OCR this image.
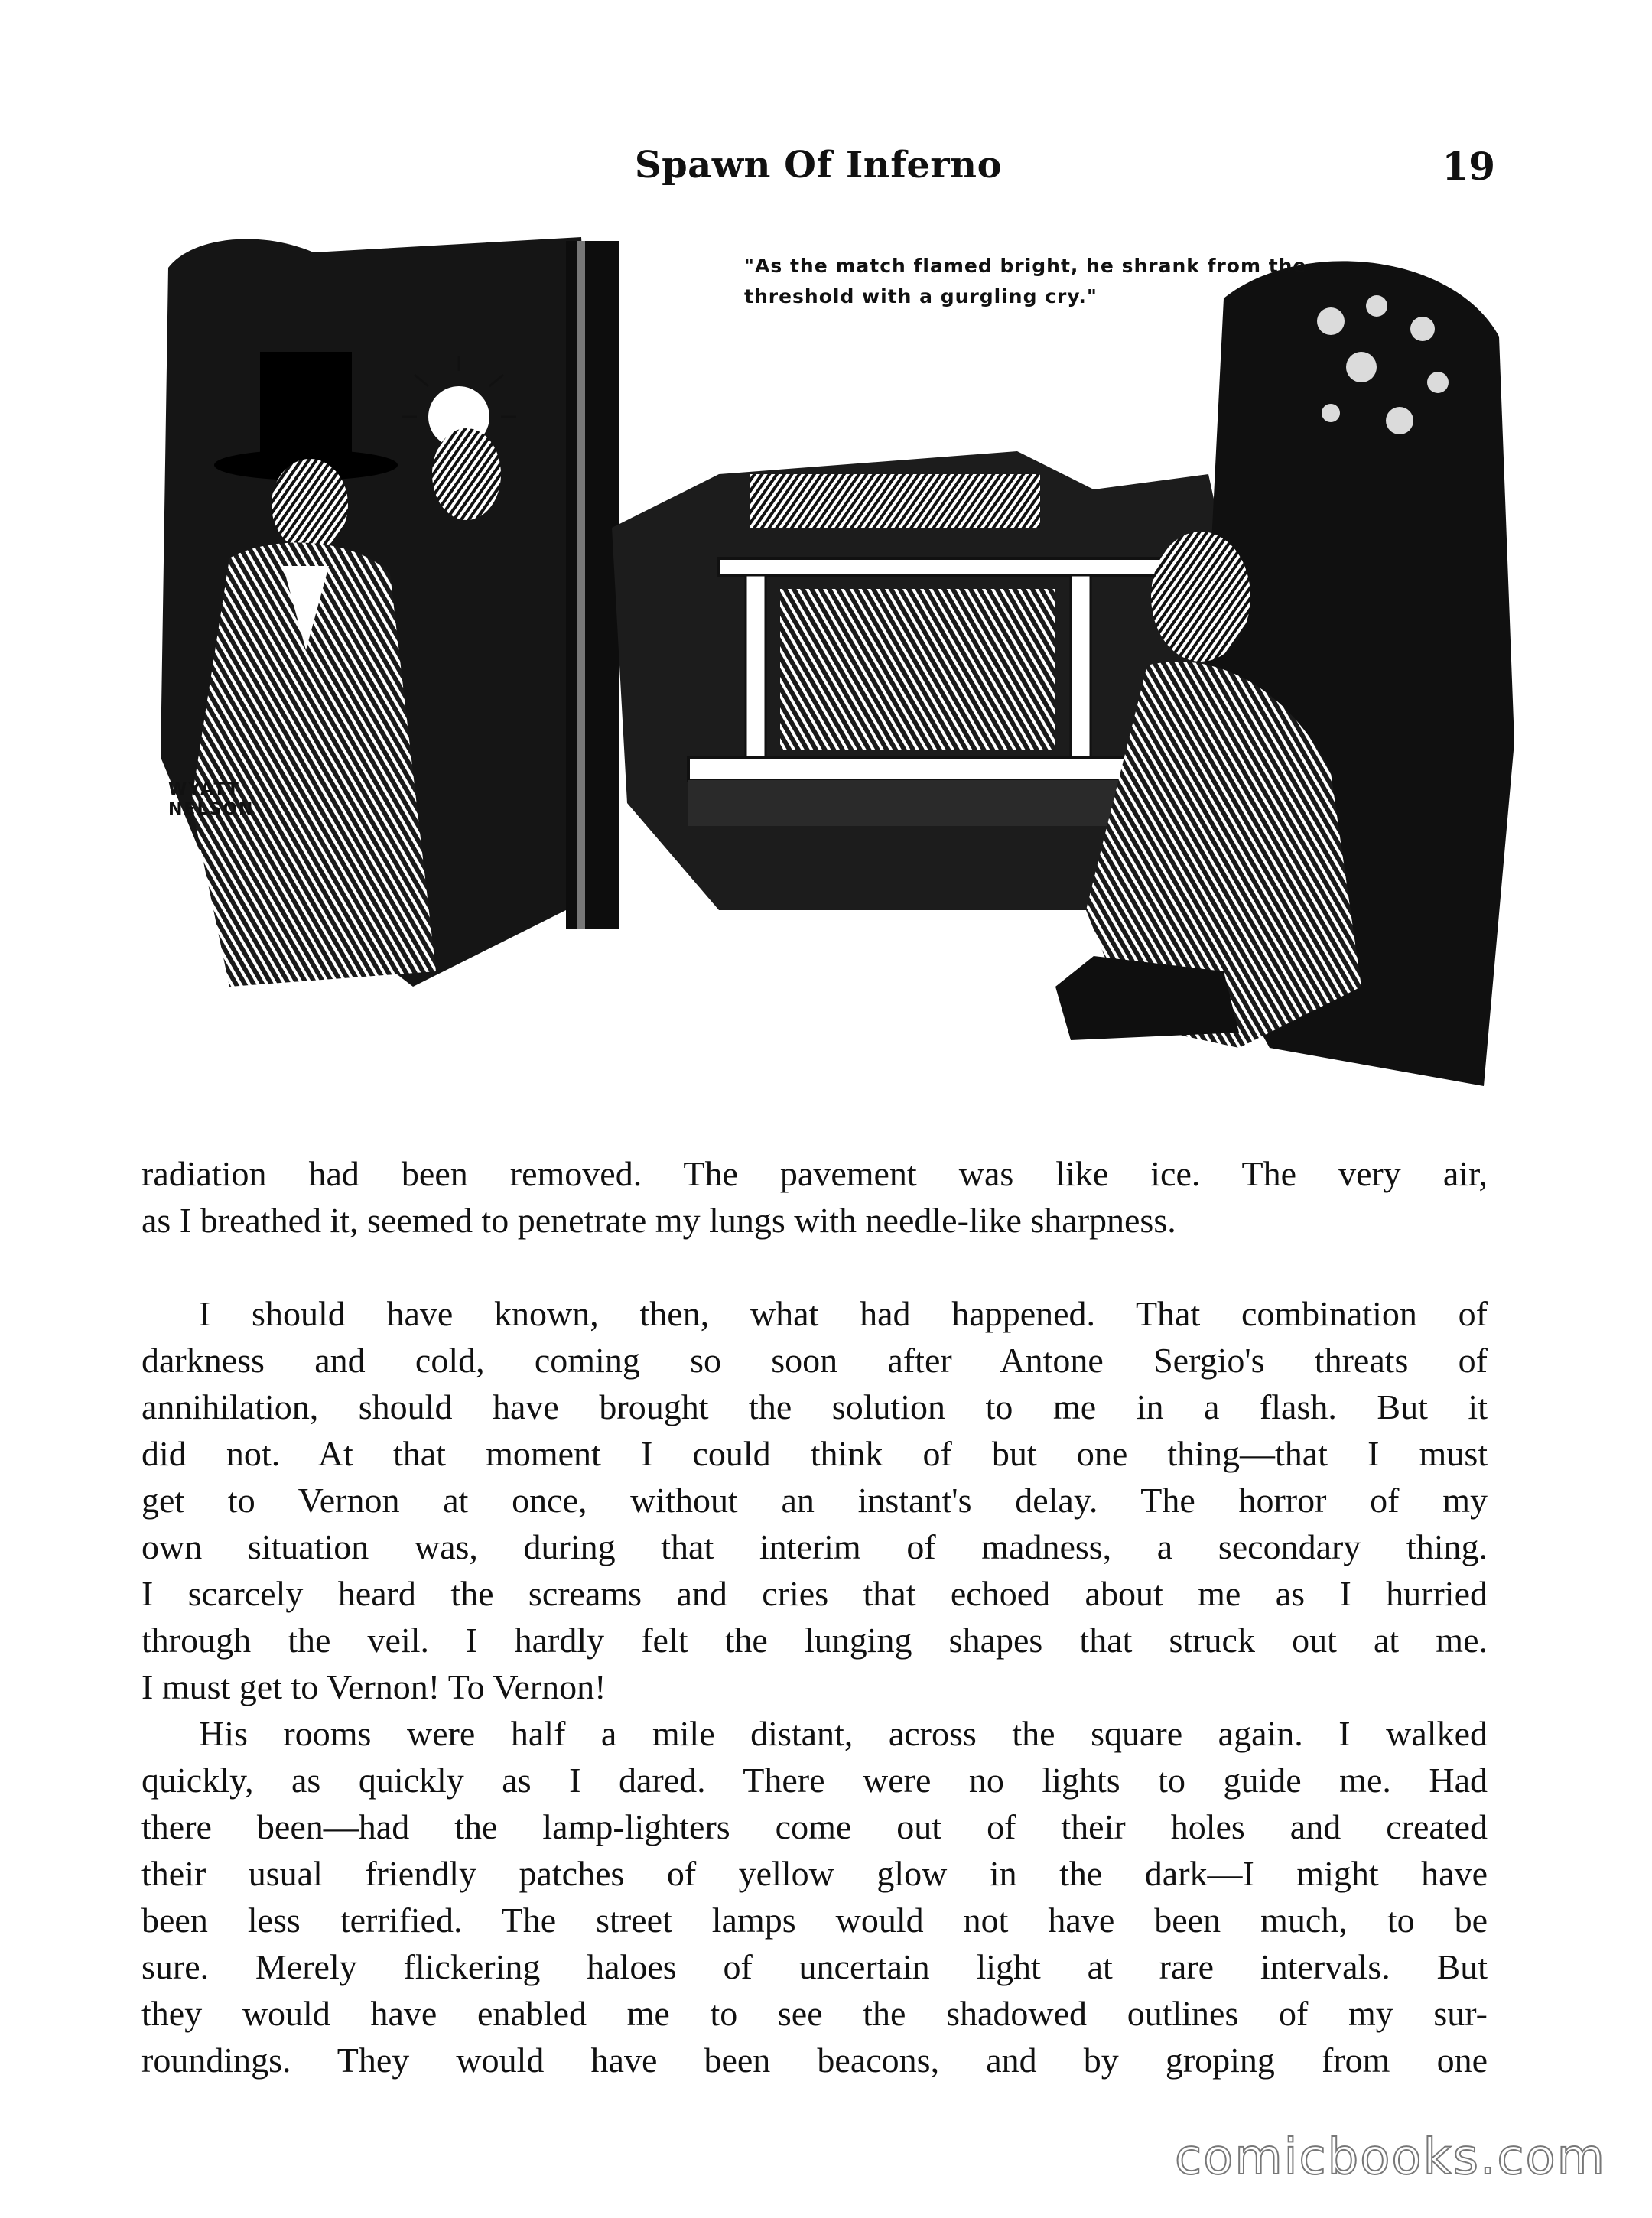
Spawn Of Inferno	19
"As the match flamed bright, he shrank from the
threshold with a gurgling cry."
WYATT NELSON

radiation had been removed. The pavement was like ice. The very air,

as I breathed it, seemed to penetrate my lungs with needle-like sharpness.

I should have known, then, what had happened. That combination of

darkness and cold, coming so soon after Antone Sergio's threats of

annihilation, should have brought the solution to me in a flash. But it

did not. At that moment I could think of but one thing—that I must

get to Vernon at once, without an instant's delay. The horror of my

own situation was, during that interim of madness, a secondary thing.

I scarcely heard the screams and cries that echoed about me as I hurried

through the veil. I hardly felt the lunging shapes that struck out at me.

I must get to Vernon! To Vernon!

His rooms were half a mile distant, across the square again. I walked

quickly, as quickly as I dared. There were no lights to guide me. Had

there been—had the lamp-lighters come out of their holes and created

their usual friendly patches of yellow glow in the dark—I might have

been less terrified. The street lamps would not have been much, to be

sure. Merely flickering haloes of uncertain light at rare intervals. But

they would have enabled me to see the shadowed outlines of my sur-

roundings. They would have been beacons, and by groping from one

comicbooks.com
